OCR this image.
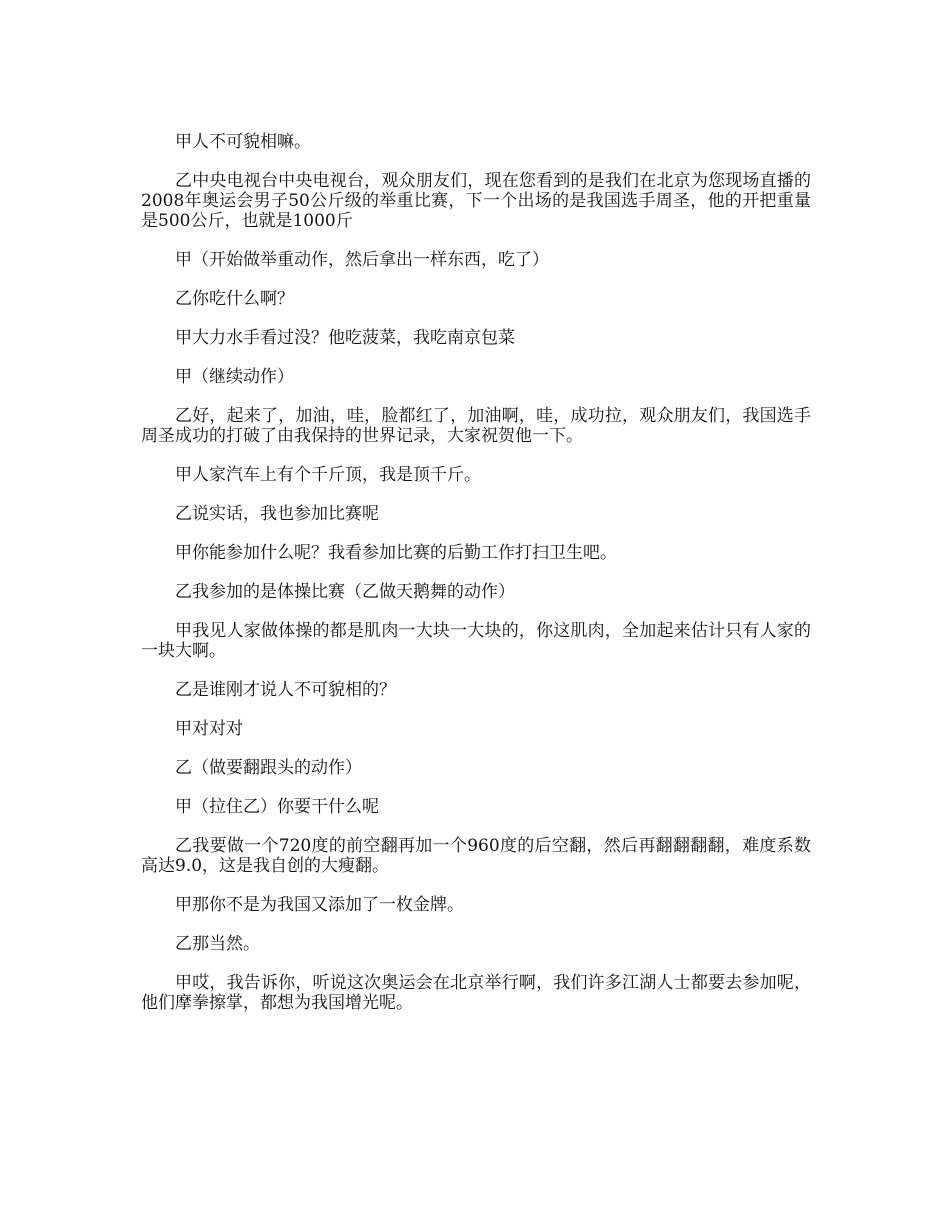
甲人不可貌相嘛。

乙中央电视台中央电视台，观众朋友们，现在您看到的是我们在北京为您现场直播的2008年奥运会男子50公斤级的举重比赛，下一个出场的是我国选手周圣，他的开把重量是500公斤，也就是1000斤

甲（开始做举重动作，然后拿出一样东西，吃了）

乙你吃什么啊？

甲大力水手看过没？他吃菠菜，我吃南京包菜

甲（继续动作）

乙好，起来了，加油，哇，脸都红了，加油啊，哇，成功拉，观众朋友们，我国选手周圣成功的打破了由我保持的世界记录，大家祝贺他一下。

甲人家汽车上有个千斤顶，我是顶千斤。

乙说实话，我也参加比赛呢

甲你能参加什么呢？我看参加比赛的后勤工作打扫卫生吧。

乙我参加的是体操比赛（乙做天鹅舞的动作）

甲我见人家做体操的都是肌肉一大块一大块的，你这肌肉，全加起来估计只有人家的一块大啊。

乙是谁刚才说人不可貌相的？

甲对对对

乙（做要翻跟头的动作）

甲（拉住乙）你要干什么呢

乙我要做一个720度的前空翻再加一个960度的后空翻，然后再翻翻翻翻，难度系数高达9.0，这是我自创的大瘦翻。

甲那你不是为我国又添加了一枚金牌。

乙那当然。

甲哎，我告诉你，听说这次奥运会在北京举行啊，我们许多江湖人士都要去参加呢，他们摩拳擦掌，都想为我国增光呢。
